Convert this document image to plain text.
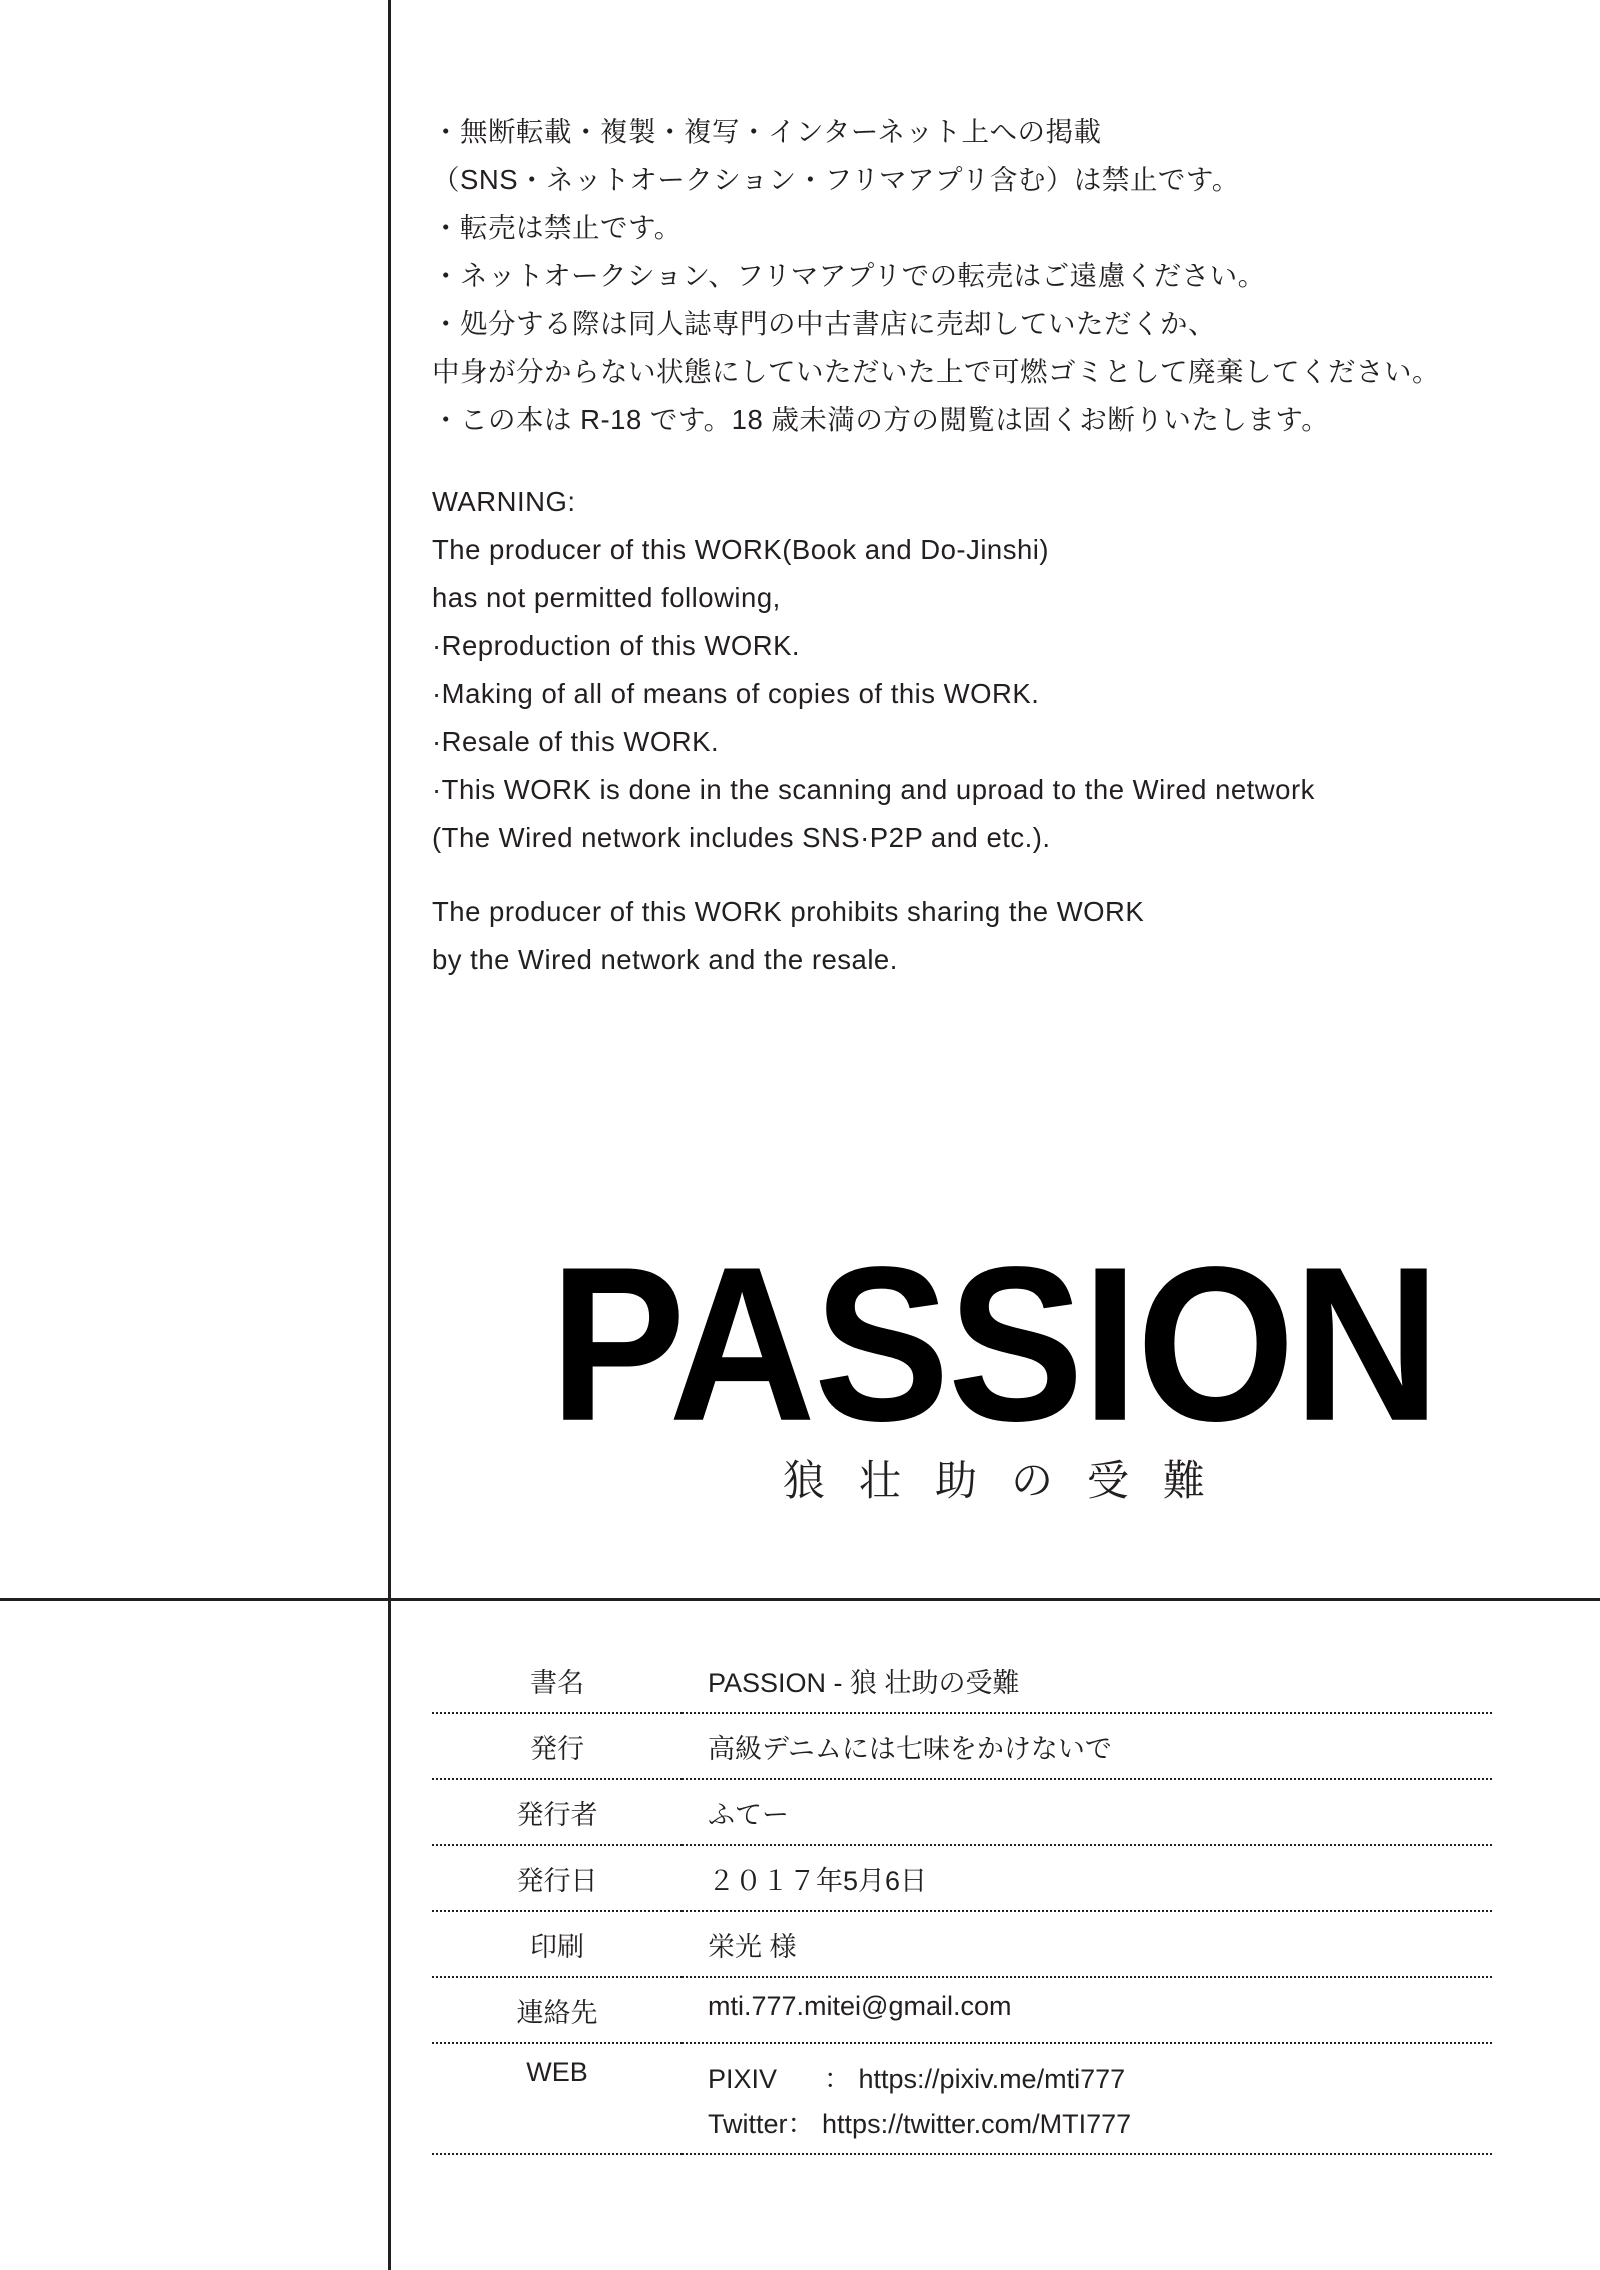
・無断転載・複製・複写・インターネット上への掲載

（SNS・ネットオークション・フリマアプリ含む）は禁止です。

・転売は禁止です。

・ネットオークション、フリマアプリでの転売はご遠慮ください。

・処分する際は同人誌専門の中古書店に売却していただくか、

中身が分からない状態にしていただいた上で可燃ゴミとして廃棄してください。

・この本は R-18 です。18 歳未満の方の閲覧は固くお断りいたします。

WARNING:

The producer of this WORK(Book and Do-Jinshi)

has not permitted following,

·Reproduction of this WORK.

·Making of all of means of copies of this WORK.

·Resale of this WORK.

·This WORK is done in the scanning and uproad to the Wired network

(The Wired network includes SNS·P2P and etc.).

The producer of this WORK prohibits sharing the WORK

by the Wired network and the resale.

PASSION
狼壮助の受難
書名	PASSION - 狼 壮助の受難
発行	高級デニムには七味をかけないで
発行者	ふてー
発行日	２０１７年5月6日
印刷	栄光 様
連絡先	mti.777.mitei@gmail.com
WEB	PIXIV ： https://pixiv.me/mti777

	Twitter： https://twitter.com/MTI777
